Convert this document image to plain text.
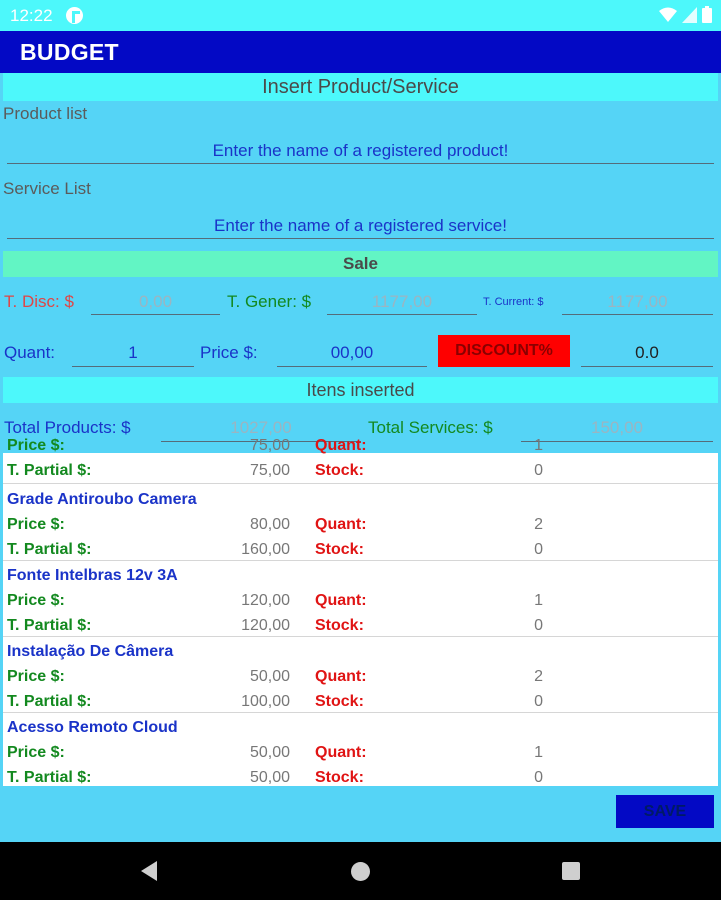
12:22
BUDGET
Insert Product/Service
Product list
Enter the name of a registered product!
Service List
Enter the name of a registered service!
Sale
T. Disc: $	0,00	T. Gener: $	1177,00	T. Current: $	1177,00
Quant:	1	Price $:	00,00	DISCOUNT%	0.0
Itens inserted
Total Products: $	1027,00	Total Services: $	150,00
Price $:	75,00 Quant:	1
T. Partial $:	75,00 Stock:	0
Grade Antiroubo Camera
Price $:	80,00 Quant:	2
T. Partial $:	160,00 Stock:	0
Fonte Intelbras 12v 3A
Price $:	120,00 Quant:	1
T. Partial $:	120,00 Stock:	0
Instalação De Câmera
Price $:	50,00 Quant:	2
T. Partial $:	100,00 Stock:	0
Acesso Remoto Cloud
Price $:	50,00 Quant:	1
T. Partial $:	50,00 Stock:	0
SAVE
